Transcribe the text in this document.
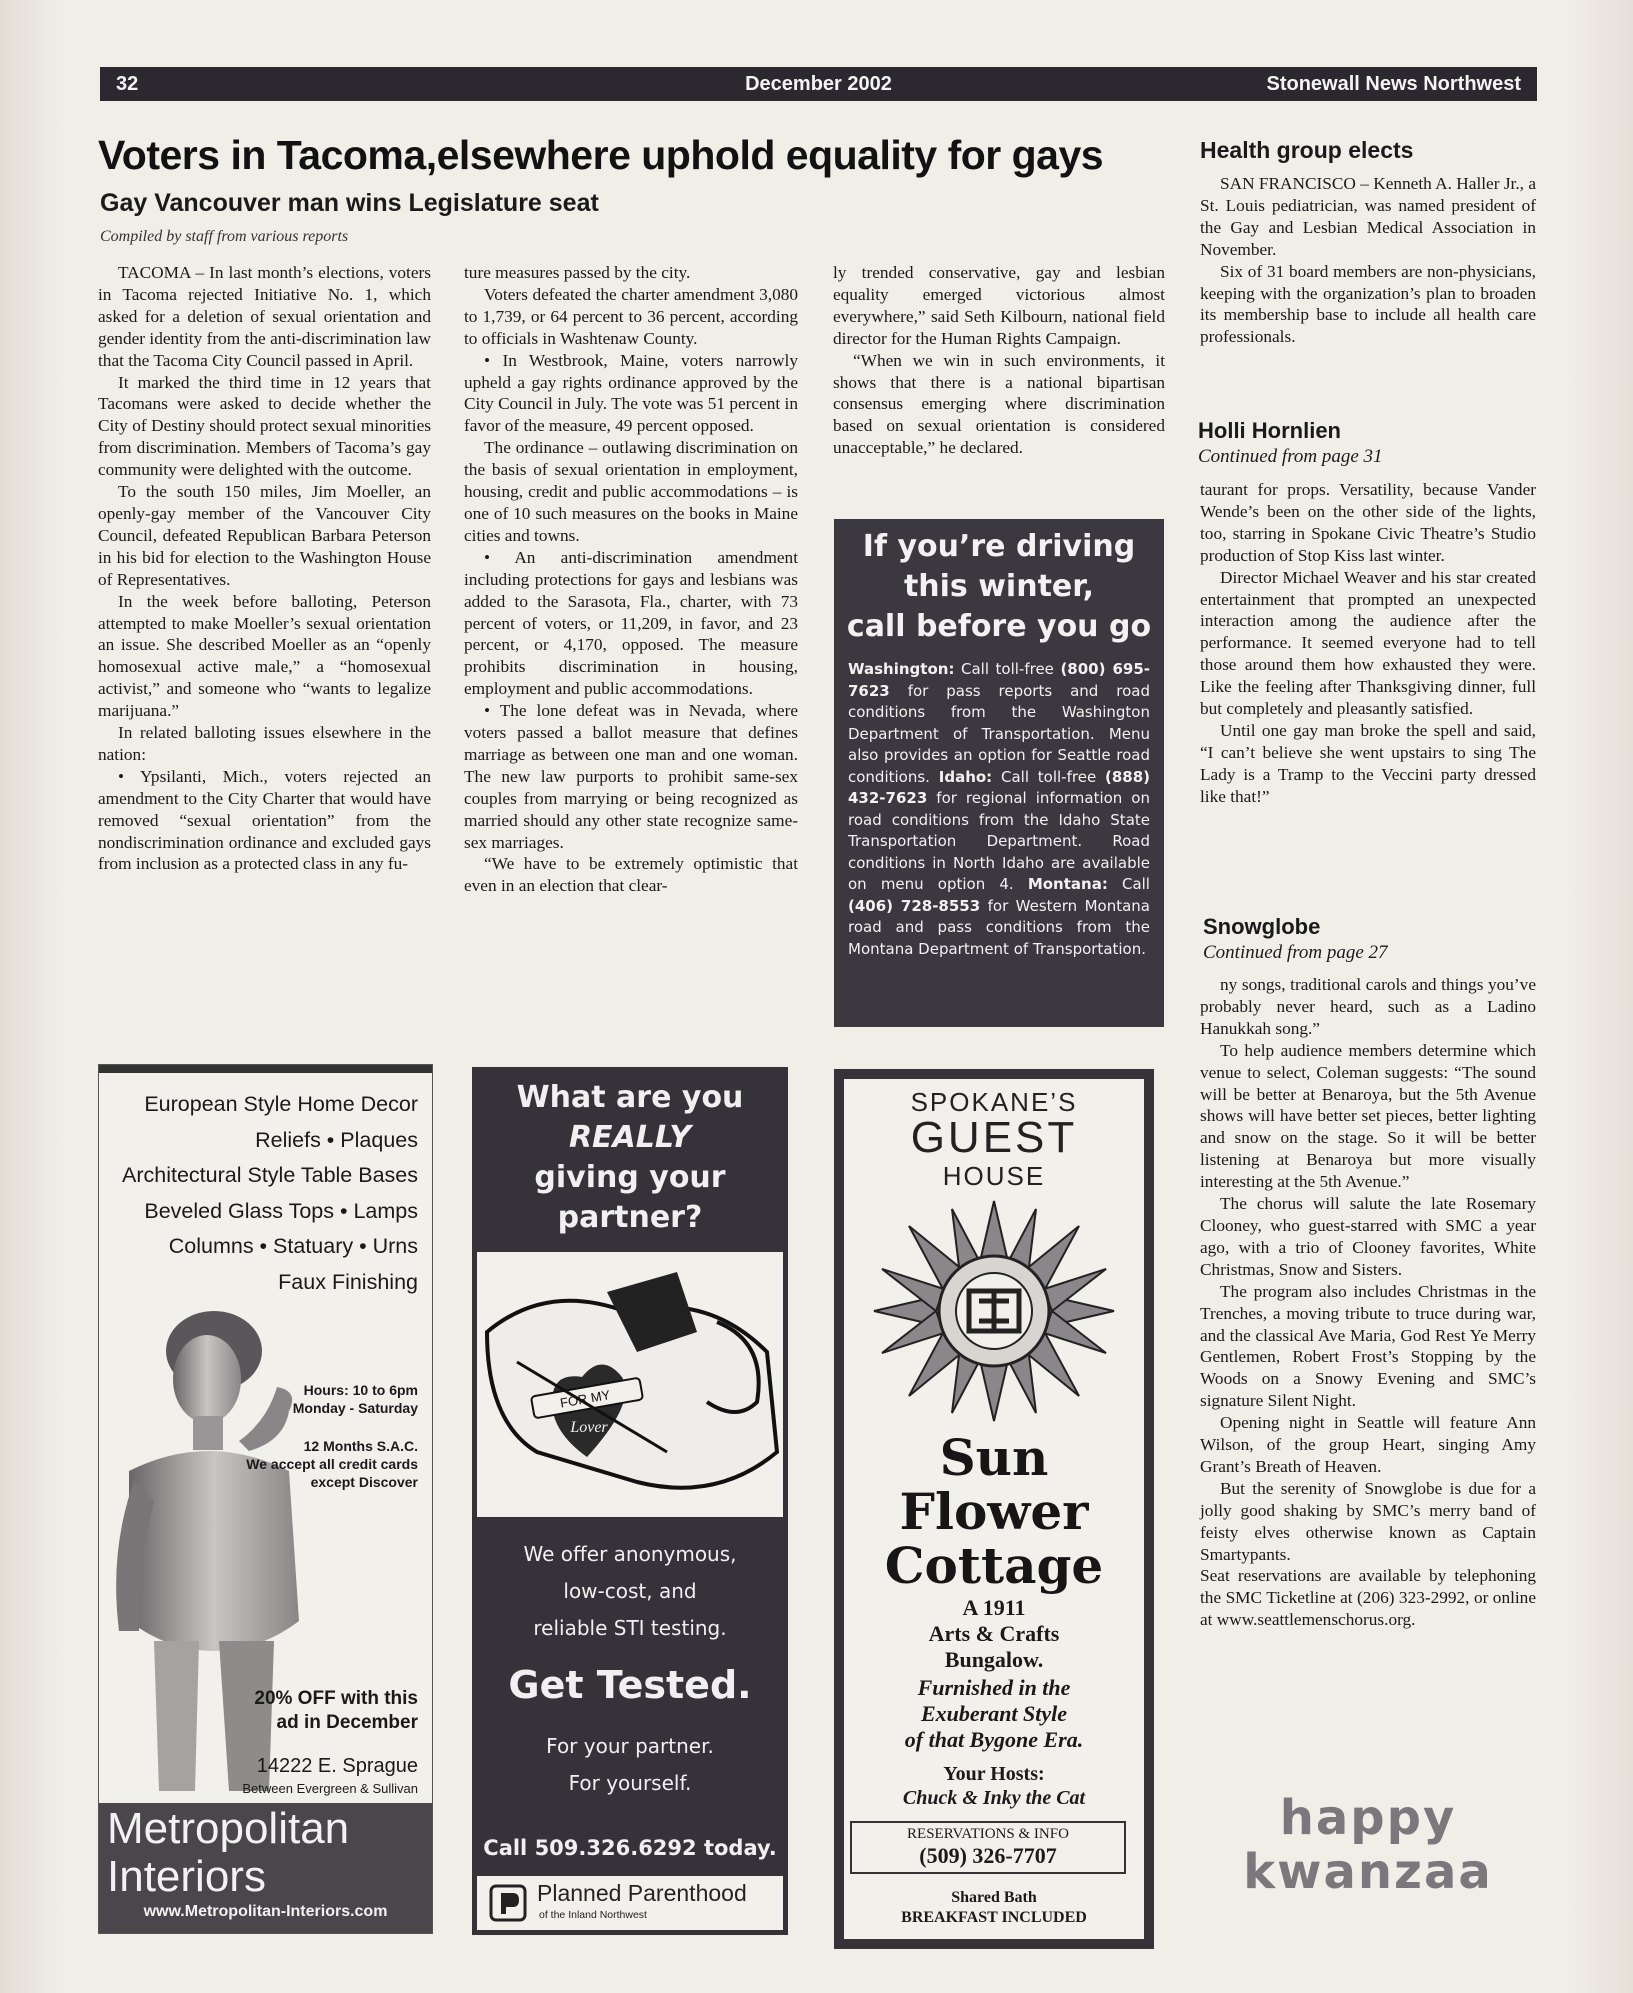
32	December 2002	Stonewall News Northwest
Voters in Tacoma,elsewhere uphold equality for gays
Gay Vancouver man wins Legislature seat
Compiled by staff from various reports

TACOMA – In last month’s elections, voters in Tacoma rejected Initiative No. 1, which asked for a deletion of sexual orientation and gender identity from the anti-discrimination law that the Tacoma City Council passed in April.

It marked the third time in 12 years that Tacomans were asked to decide whether the City of Destiny should protect sexual minorities from discrimination. Members of Tacoma’s gay community were delighted with the outcome.

To the south 150 miles, Jim Moeller, an openly-gay member of the Vancouver City Council, defeated Republican Barbara Peterson in his bid for election to the Washington House of Representatives.

In the week before balloting, Peterson attempted to make Moeller’s sexual orientation an issue. She described Moeller as an “openly homosexual active male,” a “homosexual activist,” and someone who “wants to legalize marijuana.”

In related balloting issues elsewhere in the nation:

• Ypsilanti, Mich., voters rejected an amendment to the City Charter that would have removed “sexual orientation” from the nondiscrimination ordinance and excluded gays from inclusion as a protected class in any fu-

ture measures passed by the city.

Voters defeated the charter amendment 3,080 to 1,739, or 64 percent to 36 percent, according to officials in Washtenaw County.

• In Westbrook, Maine, voters narrowly upheld a gay rights ordinance approved by the City Council in July. The vote was 51 percent in favor of the measure, 49 percent opposed.

The ordinance – outlawing discrimination on the basis of sexual orientation in employment, housing, credit and public accommodations – is one of 10 such measures on the books in Maine cities and towns.

• An anti-discrimination amendment including protections for gays and lesbians was added to the Sarasota, Fla., charter, with 73 percent of voters, or 11,209, in favor, and 23 percent, or 4,170, opposed. The measure prohibits discrimination in housing, employment and public accommodations.

• The lone defeat was in Nevada, where voters passed a ballot measure that defines marriage as between one man and one woman. The new law purports to prohibit same-sex couples from marrying or being recognized as married should any other state recognize same-sex marriages.

“We have to be extremely optimistic that even in an election that clear-

ly trended conservative, gay and lesbian equality emerged victorious almost everywhere,” said Seth Kilbourn, national field director for the Human Rights Campaign.

“When we win in such environments, it shows that there is a national bipartisan consensus emerging where discrimination based on sexual orientation is considered unacceptable,” he declared.

If you’re driving
this winter,
call before you go
Washington: Call toll-free (800) 695-7623 for pass reports and road conditions from the Washington Department of Transportation. Menu also provides an option for Seattle road conditions. Idaho: Call toll-free (888) 432-7623 for regional information on road conditions from the Idaho State Transportation Department. Road conditions in North Idaho are available on menu option 4. Montana: Call (406) 728-8553 for Western Montana road and pass conditions from the Montana Department of Transportation.
Health group elects

SAN FRANCISCO – Kenneth A. Haller Jr., a St. Louis pediatrician, was named president of the Gay and Lesbian Medical Association in November.

Six of 31 board members are non-physicians, keeping with the organization’s plan to broaden its membership base to include all health care professionals.

Holli Hornlien
Continued from page 31

taurant for props. Versatility, because Vander Wende’s been on the other side of the lights, too, starring in Spokane Civic Theatre’s Studio production of Stop Kiss last winter.

Director Michael Weaver and his star created entertainment that prompted an unexpected interaction among the audience after the performance. It seemed everyone had to tell those around them how exhausted they were. Like the feeling after Thanksgiving dinner, full but completely and pleasantly satisfied.

Until one gay man broke the spell and said, “I can’t believe she went upstairs to sing The Lady is a Tramp to the Veccini party dressed like that!”

Snowglobe
Continued from page 27

ny songs, traditional carols and things you’ve probably never heard, such as a Ladino Hanukkah song.”

To help audience members determine which venue to select, Coleman suggests: “The sound will be better at Benaroya, but the 5th Avenue shows will have better set pieces, better lighting and snow on the stage. So it will be better listening at Benaroya but more visually interesting at the 5th Avenue.”

The chorus will salute the late Rosemary Clooney, who guest-starred with SMC a year ago, with a trio of Clooney favorites, White Christmas, Snow and Sisters.

The program also includes Christmas in the Trenches, a moving tribute to truce during war, and the classical Ave Maria, God Rest Ye Merry Gentlemen, Robert Frost’s Stopping by the Woods on a Snowy Evening and SMC’s signature Silent Night.

Opening night in Seattle will feature Ann Wilson, of the group Heart, singing Amy Grant’s Breath of Heaven.

But the serenity of Snowglobe is due for a jolly good shaking by SMC’s merry band of feisty elves otherwise known as Captain Smartypants.

Seat reservations are available by telephoning the SMC Ticketline at (206) 323-2992, or online at www.seattlemenschorus.org.

happy
kwanzaa
European Style Home Decor
Reliefs • Plaques
Architectural Style Table Bases
Beveled Glass Tops • Lamps
Columns • Statuary • Urns
Faux Finishing
Hours: 10 to 6pm
Monday - Saturday
12 Months S.A.C.
We accept all credit cards
except Discover
20% OFF with this
ad in December
14222 E. Sprague
Between Evergreen & Sullivan
Metropolitan
Interiors
www.Metropolitan-Interiors.com
What are you
REALLY
giving your
partner?
FOR MY
Lover
We offer anonymous,
low-cost, and
reliable STI testing.
Get Tested.
For your partner.
For yourself.
Call 509.326.6292 today.
Planned Parenthood
of the Inland Northwest
SPOKANE’S
GUEST
HOUSE
Sun
Flower
Cottage
A 1911
Arts & Crafts
Bungalow.
Furnished in the
Exuberant Style
of that Bygone Era.
Your Hosts:
Chuck & Inky the Cat
RESERVATIONS & INFO
(509) 326-7707
Shared Bath
BREAKFAST INCLUDED
